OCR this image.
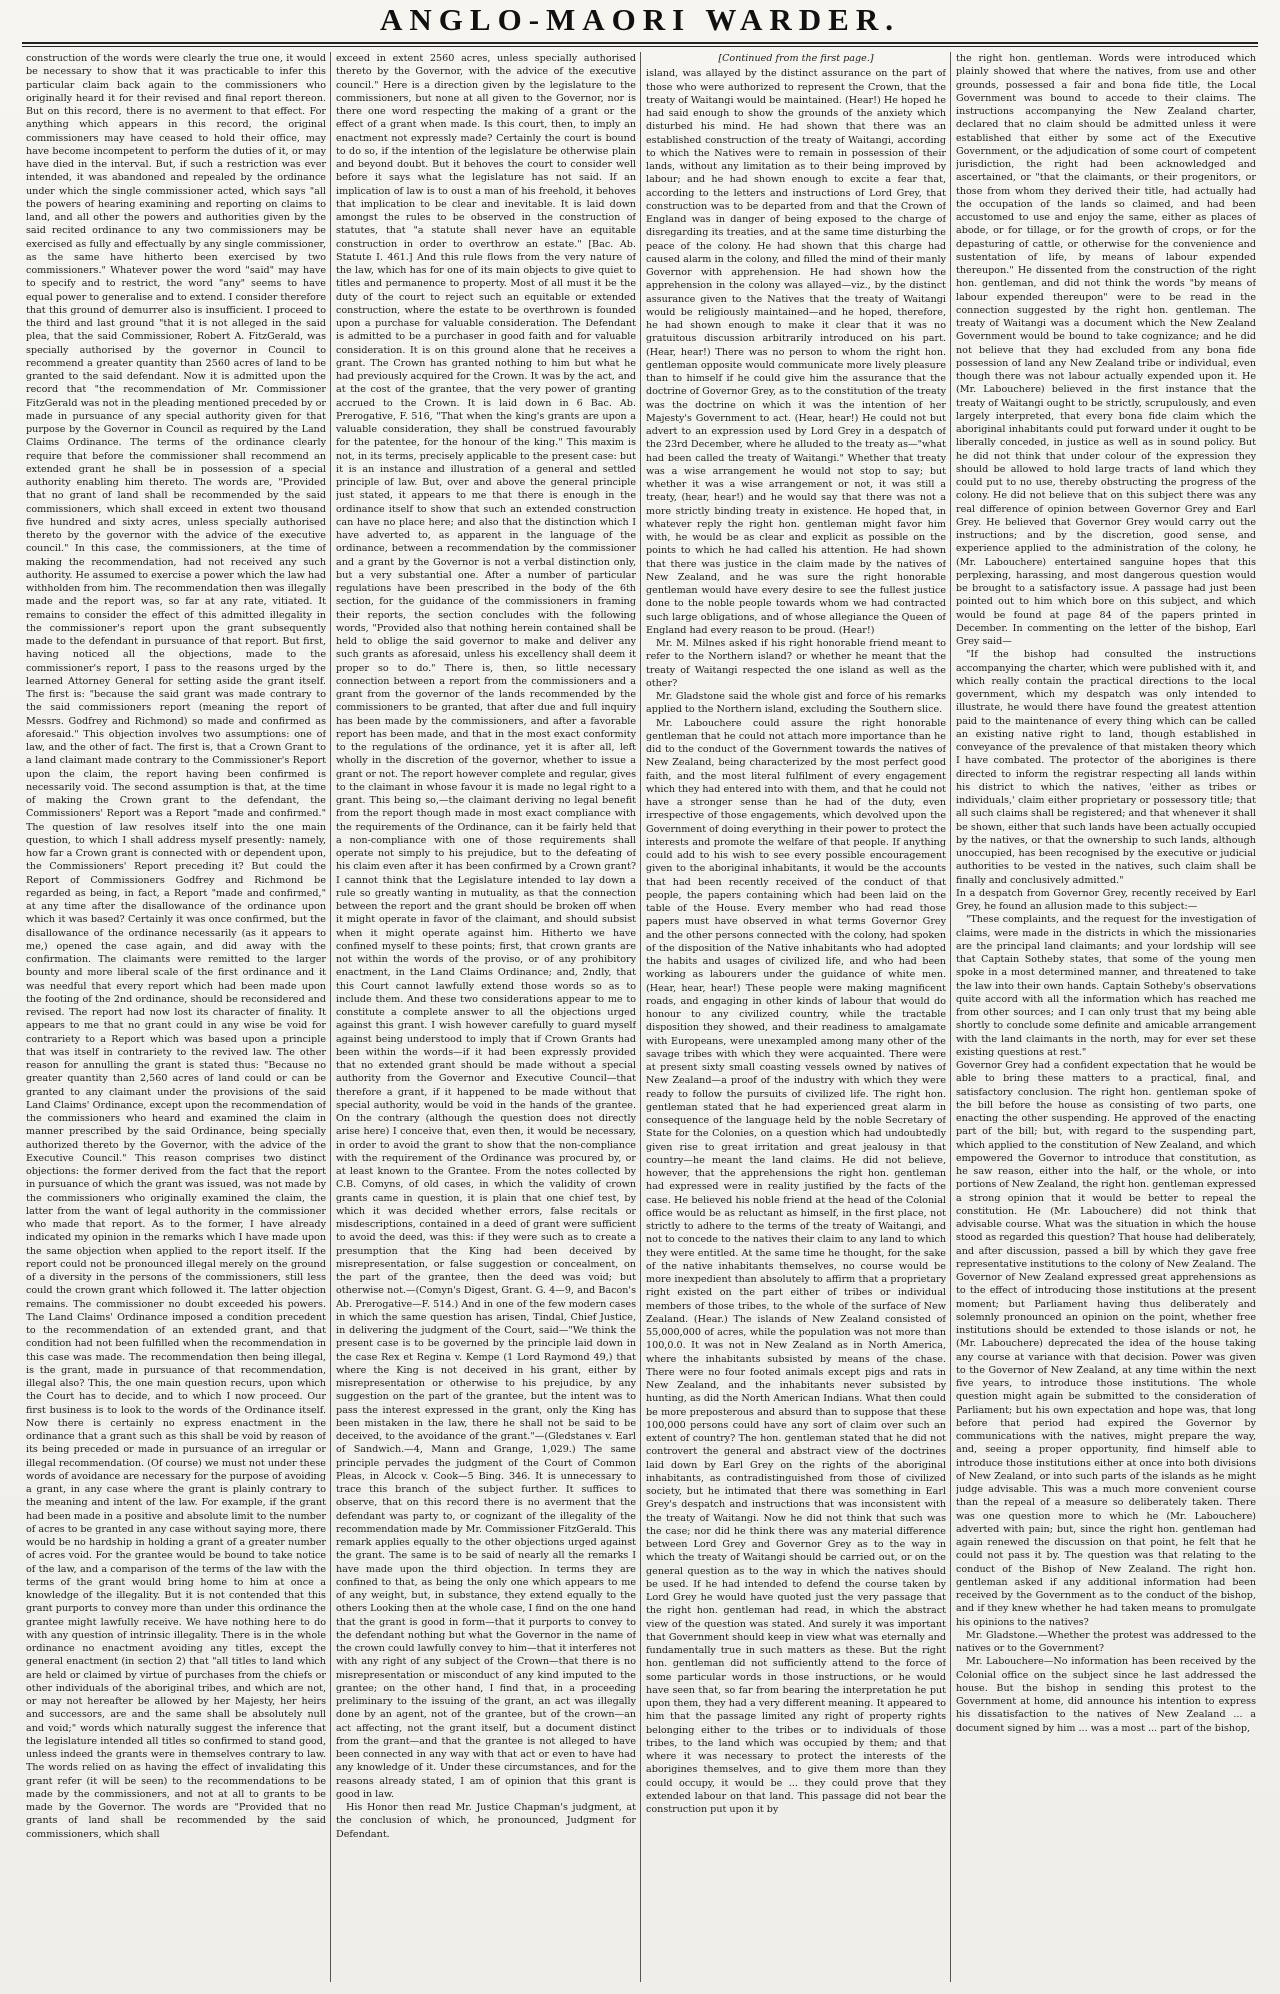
ANGLO-MAORI WARDER.

construction of the words were clearly the true one, it would be necessary to show that it was practicable to infer this particular claim back again to the commissioners who originally heard it for their revised and final report thereon. But on this record, there is no averment to that effect. For anything which appears in this record, the original commissioners may have ceased to hold their office, may have become incompetent to perform the duties of it, or may have died in the interval. But, if such a restriction was ever intended, it was abandoned and repealed by the ordinance under which the single commissioner acted, which says "all the powers of hearing examining and reporting on claims to land, and all other the powers and authorities given by the said recited ordinance to any two commissioners may be exercised as fully and effectually by any single commissioner, as the same have hitherto been exercised by two commissioners." Whatever power the word "said" may have to specify and to restrict, the word "any" seems to have equal power to generalise and to extend. I consider therefore that this ground of demurrer also is insufficient. I proceed to the third and last ground "that it is not alleged in the said plea, that the said Commissioner, Robert A. FitzGerald, was specially authorised by the governor in Council to recommend a greater quantity than 2560 acres of land to be granted to the said defendant. Now it is admitted upon the record that "the recommendation of Mr. Commissioner FitzGerald was not in the pleading mentioned preceded by or made in pursuance of any special authority given for that purpose by the Governor in Council as required by the Land Claims Ordinance. The terms of the ordinance clearly require that before the commissioner shall recommend an extended grant he shall be in possession of a special authority enabling him thereto. The words are, "Provided that no grant of land shall be recommended by the said commissioners, which shall exceed in extent two thousand five hundred and sixty acres, unless specially authorised thereto by the governor with the advice of the executive council." In this case, the commissioners, at the time of making the recommendation, had not received any such authority. He assumed to exercise a power which the law had withholden from him. The recommendation then was illegally made and the report was, so far at any rate, vitiated. It remains to consider the effect of this admitted illegality in the commissioner's report upon the grant subsequently made to the defendant in pursuance of that report. But first, having noticed all the objections, made to the commissioner's report, I pass to the reasons urged by the learned Attorney General for setting aside the grant itself. The first is: "because the said grant was made contrary to the said commissioners report (meaning the report of Messrs. Godfrey and Richmond) so made and confirmed as aforesaid." This objection involves two assumptions: one of law, and the other of fact. The first is, that a Crown Grant to a land claimant made contrary to the Commissioner's Report upon the claim, the report having been confirmed is necessarily void. The second assumption is that, at the time of making the Crown grant to the defendant, the Commissioners' Report was a Report "made and confirmed." The question of law resolves itself into the one main question, to which I shall address myself presently: namely, how far a Crown grant is connected with or dependent upon, the Commissioners' Report preceding it? But could the Report of Commissioners Godfrey and Richmond be regarded as being, in fact, a Report "made and confirmed," at any time after the disallowance of the ordinance upon which it was based? Certainly it was once confirmed, but the disallowance of the ordinance necessarily (as it appears to me,) opened the case again, and did away with the confirmation. The claimants were remitted to the larger bounty and more liberal scale of the first ordinance and it was needful that every report which had been made upon the footing of the 2nd ordinance, should be reconsidered and revised. The report had now lost its character of finality. It appears to me that no grant could in any wise be void for contrariety to a Report which was based upon a principle that was itself in contrariety to the revived law. The other reason for annulling the grant is stated thus: "Because no greater quantity than 2,560 acres of land could or can be granted to any claimant under the provisions of the said Land Claims' Ordinance, except upon the recommendation of the commissioners who heard and examined the claim in manner prescribed by the said Ordinance, being specially authorized thereto by the Governor, with the advice of the Executive Council." This reason comprises two distinct objections: the former derived from the fact that the report in pursuance of which the grant was issued, was not made by the commissioners who originally examined the claim, the latter from the want of legal authority in the commissioner who made that report. As to the former, I have already indicated my opinion in the remarks which I have made upon the same objection when applied to the report itself. If the report could not be pronounced illegal merely on the ground of a diversity in the persons of the commissioners, still less could the crown grant which followed it. The latter objection remains. The commissioner no doubt exceeded his powers. The Land Claims' Ordinance imposed a condition precedent to the recommendation of an extended grant, and that condition had not been fulfilled when the recommendation in this case was made. The recommendation then being illegal, is the grant, made in pursuance of that recommendation, illegal also? This, the one main question recurs, upon which the Court has to decide, and to which I now proceed. Our first business is to look to the words of the Ordinance itself. Now there is certainly no express enactment in the ordinance that a grant such as this shall be void by reason of its being preceded or made in pursuance of an irregular or illegal recommendation. (Of course) we must not under these words of avoidance are necessary for the purpose of avoiding a grant, in any case where the grant is plainly contrary to the meaning and intent of the law. For example, if the grant had been made in a positive and absolute limit to the number of acres to be granted in any case without saying more, there would be no hardship in holding a grant of a greater number of acres void. For the grantee would be bound to take notice of the law, and a comparison of the terms of the law with the terms of the grant would bring home to him at once a knowledge of the illegality. But it is not contended that this grant purports to convey more than under this ordinance the grantee might lawfully receive. We have nothing here to do with any question of intrinsic illegality. There is in the whole ordinance no enactment avoiding any titles, except the general enactment (in section 2) that "all titles to land which are held or claimed by virtue of purchases from the chiefs or other individuals of the aboriginal tribes, and which are not, or may not hereafter be allowed by her Majesty, her heirs and successors, are and the same shall be absolutely null and void;" words which naturally suggest the inference that the legislature intended all titles so confirmed to stand good, unless indeed the grants were in themselves contrary to law. The words relied on as having the effect of invalidating this grant refer (it will be seen) to the recommendations to be made by the commissioners, and not at all to grants to be made by the Governor. The words are "Provided that no grants of land shall be recommended by the said commissioners, which shall

exceed in extent 2560 acres, unless specially authorised thereto by the Governor, with the advice of the executive council." Here is a direction given by the legislature to the commissioners, but none at all given to the Governor, nor is there one word respecting the making of a grant or the effect of a grant when made. Is this court, then, to imply an enactment not expressly made? Certainly the court is bound to do so, if the intention of the legislature be otherwise plain and beyond doubt. But it behoves the court to consider well before it says what the legislature has not said. If an implication of law is to oust a man of his freehold, it behoves that implication to be clear and inevitable. It is laid down amongst the rules to be observed in the construction of statutes, that "a statute shall never have an equitable construction in order to overthrow an estate." [Bac. Ab. Statute I. 461.] And this rule flows from the very nature of the law, which has for one of its main objects to give quiet to titles and permanence to property. Most of all must it be the duty of the court to reject such an equitable or extended construction, where the estate to be overthrown is founded upon a purchase for valuable consideration. The Defendant is admitted to be a purchaser in good faith and for valuable consideration. It is on this ground alone that he receives a grant. The Crown has granted nothing to him but what he had previously acquired for the Crown. It was by the act, and at the cost of the grantee, that the very power of granting accrued to the Crown. It is laid down in 6 Bac. Ab. Prerogative, F. 516, "That when the king's grants are upon a valuable consideration, they shall be construed favourably for the patentee, for the honour of the king." This maxim is not, in its terms, precisely applicable to the present case: but it is an instance and illustration of a general and settled principle of law. But, over and above the general principle just stated, it appears to me that there is enough in the ordinance itself to show that such an extended construction can have no place here; and also that the distinction which I have adverted to, as apparent in the language of the ordinance, between a recommendation by the commissioner and a grant by the Governor is not a verbal distinction only, but a very substantial one. After a number of particular regulations have been prescribed in the body of the 6th section, for the guidance of the commissioners in framing their reports, the section concludes with the following words, "Provided also that nothing herein contained shall be held to oblige the said governor to make and deliver any such grants as aforesaid, unless his excellency shall deem it proper so to do." There is, then, so little necessary connection between a report from the commissioners and a grant from the governor of the lands recommended by the commissioners to be granted, that after due and full inquiry has been made by the commissioners, and after a favorable report has been made, and that in the most exact conformity to the regulations of the ordinance, yet it is after all, left wholly in the discretion of the governor, whether to issue a grant or not. The report however complete and regular, gives to the claimant in whose favour it is made no legal right to a grant. This being so,—the claimant deriving no legal benefit from the report though made in most exact compliance with the requirements of the Ordinance, can it be fairly held that a non-compliance with one of those requirements shall operate not simply to his prejudice, but to the defeating of his claim even after it has been confirmed by a Crown grant? I cannot think that the Legislature intended to lay down a rule so greatly wanting in mutuality, as that the connection between the report and the grant should be broken off when it might operate in favor of the claimant, and should subsist when it might operate against him. Hitherto we have confined myself to these points; first, that crown grants are not within the words of the proviso, or of any prohibitory enactment, in the Land Claims Ordinance; and, 2ndly, that this Court cannot lawfully extend those words so as to include them. And these two considerations appear to me to constitute a complete answer to all the objections urged against this grant. I wish however carefully to guard myself against being understood to imply that if Crown Grants had been within the words—if it had been expressly provided that no extended grant should be made without a special authority from the Governor and Executive Council—that therefore a grant, if it happened to be made without that special authority, would be void in the hands of the grantee. On the contrary (although the question does not directly arise here) I conceive that, even then, it would be necessary, in order to avoid the grant to show that the non-compliance with the requirement of the Ordinance was procured by, or at least known to the Grantee. From the notes collected by C.B. Comyns, of old cases, in which the validity of crown grants came in question, it is plain that one chief test, by which it was decided whether errors, false recitals or misdescriptions, contained in a deed of grant were sufficient to avoid the deed, was this: if they were such as to create a presumption that the King had been deceived by misrepresentation, or false suggestion or concealment, on the part of the grantee, then the deed was void; but otherwise not.—(Comyn's Digest, Grant. G. 4—9, and Bacon's Ab. Prerogative—F. 514.) And in one of the few modern cases in which the same question has arisen, Tindal, Chief Justice, in delivering the judgment of the Court, said—"We think the present case is to be governed by the principle laid down in the case Rex et Regina v. Kempe (1 Lord Raymond 49,) that where the King is not deceived in his grant, either by misrepresentation or otherwise to his prejudice, by any suggestion on the part of the grantee, but the intent was to pass the interest expressed in the grant, only the King has been mistaken in the law, there he shall not be said to be deceived, to the avoidance of the grant."—(Gledstanes v. Earl of Sandwich.—4, Mann and Grange, 1,029.) The same principle pervades the judgment of the Court of Common Pleas, in Alcock v. Cook—5 Bing. 346. It is unnecessary to trace this branch of the subject further. It suffices to observe, that on this record there is no averment that the defendant was party to, or cognizant of the illegality of the recommendation made by Mr. Commissioner FitzGerald. This remark applies equally to the other objections urged against the grant. The same is to be said of nearly all the remarks I have made upon the third objection. In terms they are confined to that, as being the only one which appears to me of any weight, but, in substance, they extend equally to the others Looking then at the whole case, I find on the one hand that the grant is good in form—that it purports to convey to the defendant nothing but what the Governor in the name of the crown could lawfully convey to him—that it interferes not with any right of any subject of the Crown—that there is no misrepresentation or misconduct of any kind imputed to the grantee; on the other hand, I find that, in a proceeding preliminary to the issuing of the grant, an act was illegally done by an agent, not of the grantee, but of the crown—an act affecting, not the grant itself, but a document distinct from the grant—and that the grantee is not alleged to have been connected in any way with that act or even to have had any knowledge of it. Under these circumstances, and for the reasons already stated, I am of opinion that this grant is good in law.

His Honor then read Mr. Justice Chapman's judgment, at the conclusion of which, he pronounced, Judgment for Defendant.

[Continued from the first page.]

island, was allayed by the distinct assurance on the part of those who were authorized to represent the Crown, that the treaty of Waitangi would be maintained. (Hear!) He hoped he had said enough to show the grounds of the anxiety which disturbed his mind. He had shown that there was an established construction of the treaty of Waitangi, according to which the Natives were to remain in possession of their lands, without any limitation as to their being improved by labour; and he had shown enough to excite a fear that, according to the letters and instructions of Lord Grey, that construction was to be departed from and that the Crown of England was in danger of being exposed to the charge of disregarding its treaties, and at the same time disturbing the peace of the colony. He had shown that this charge had caused alarm in the colony, and filled the mind of their manly Governor with apprehension. He had shown how the apprehension in the colony was allayed—viz., by the distinct assurance given to the Natives that the treaty of Waitangi would be religiously maintained—and he hoped, therefore, he had shown enough to make it clear that it was no gratuitous discussion arbitrarily introduced on his part. (Hear, hear!) There was no person to whom the right hon. gentleman opposite would communicate more lively pleasure than to himself if he could give him the assurance that the doctrine of Governor Grey, as to the constitution of the treaty was the doctrine on which it was the intention of her Majesty's Government to act. (Hear, hear!) He could not but advert to an expression used by Lord Grey in a despatch of the 23rd December, where he alluded to the treaty as—"what had been called the treaty of Waitangi." Whether that treaty was a wise arrangement he would not stop to say; but whether it was a wise arrangement or not, it was still a treaty, (hear, hear!) and he would say that there was not a more strictly binding treaty in existence. He hoped that, in whatever reply the right hon. gentleman might favor him with, he would be as clear and explicit as possible on the points to which he had called his attention. He had shown that there was justice in the claim made by the natives of New Zealand, and he was sure the right honorable gentleman would have every desire to see the fullest justice done to the noble people towards whom we had contracted such large obligations, and of whose allegiance the Queen of England had every reason to be proud. (Hear!)

Mr. M. Milnes asked if his right honorable friend meant to refer to the Northern island? or whether he meant that the treaty of Waitangi respected the one island as well as the other?

Mr. Gladstone said the whole gist and force of his remarks applied to the Northern island, excluding the Southern slice.

Mr. Labouchere could assure the right honorable gentleman that he could not attach more importance than he did to the conduct of the Government towards the natives of New Zealand, being characterized by the most perfect good faith, and the most literal fulfilment of every engagement which they had entered into with them, and that he could not have a stronger sense than he had of the duty, even irrespective of those engagements, which devolved upon the Government of doing everything in their power to protect the interests and promote the welfare of that people. If anything could add to his wish to see every possible encouragement given to the aboriginal inhabitants, it would be the accounts that had been recently received of the conduct of that people, the papers containing which had been laid on the table of the House. Every member who had read those papers must have observed in what terms Governor Grey and the other persons connected with the colony, had spoken of the disposition of the Native inhabitants who had adopted the habits and usages of civilized life, and who had been working as labourers under the guidance of white men. (Hear, hear, hear!) These people were making magnificent roads, and engaging in other kinds of labour that would do honour to any civilized country, while the tractable disposition they showed, and their readiness to amalgamate with Europeans, were unexampled among many other of the savage tribes with which they were acquainted. There were at present sixty small coasting vessels owned by natives of New Zealand—a proof of the industry with which they were ready to follow the pursuits of civilized life. The right hon. gentleman stated that he had experienced great alarm in consequence of the language held by the noble Secretary of State for the Colonies, on a question which had undoubtedly given rise to great irritation and great jealousy in that country—he meant the land claims. He did not believe, however, that the apprehensions the right hon. gentleman had expressed were in reality justified by the facts of the case. He believed his noble friend at the head of the Colonial office would be as reluctant as himself, in the first place, not strictly to adhere to the terms of the treaty of Waitangi, and not to concede to the natives their claim to any land to which they were entitled. At the same time he thought, for the sake of the native inhabitants themselves, no course would be more inexpedient than absolutely to affirm that a proprietary right existed on the part either of tribes or individual members of those tribes, to the whole of the surface of New Zealand. (Hear.) The islands of New Zealand consisted of 55,000,000 of acres, while the population was not more than 100,0.0. It was not in New Zealand as in North America, where the inhabitants subsisted by means of the chase. There were no four footed animals except pigs and rats in New Zealand, and the inhabitants never subsisted by hunting, as did the North American Indians. What then could be more preposterous and absurd than to suppose that these 100,000 persons could have any sort of claim over such an extent of country? The hon. gentleman stated that he did not controvert the general and abstract view of the doctrines laid down by Earl Grey on the rights of the aboriginal inhabitants, as contradistinguished from those of civilized society, but he intimated that there was something in Earl Grey's despatch and instructions that was inconsistent with the treaty of Waitangi. Now he did not think that such was the case; nor did he think there was any material difference between Lord Grey and Governor Grey as to the way in which the treaty of Waitangi should be carried out, or on the general question as to the way in which the natives should be used. If he had intended to defend the course taken by Lord Grey he would have quoted just the very passage that the right hon. gentleman had read, in which the abstract view of the question was stated. And surely it was important that Government should keep in view what was eternally and fundamentally true in such matters as these. But the right hon. gentleman did not sufficiently attend to the force of some particular words in those instructions, or he would have seen that, so far from bearing the interpretation he put upon them, they had a very different meaning. It appeared to him that the passage limited any right of property rights belonging either to the tribes or to individuals of those tribes, to the land which was occupied by them; and that where it was necessary to protect the interests of the aborigines themselves, and to give them more than they could occupy, it would be ... they could prove that they extended labour on that land. This passage did not bear the construction put upon it by

the right hon. gentleman. Words were introduced which plainly showed that where the natives, from use and other grounds, possessed a fair and bona fide title, the Local Government was bound to accede to their claims. The instructions accompanying the New Zealand charter, declared that no claim should be admitted unless it were established that either by some act of the Executive Government, or the adjudication of some court of competent jurisdiction, the right had been acknowledged and ascertained, or "that the claimants, or their progenitors, or those from whom they derived their title, had actually had the occupation of the lands so claimed, and had been accustomed to use and enjoy the same, either as places of abode, or for tillage, or for the growth of crops, or for the depasturing of cattle, or otherwise for the convenience and sustentation of life, by means of labour expended thereupon." He dissented from the construction of the right hon. gentleman, and did not think the words "by means of labour expended thereupon" were to be read in the connection suggested by the right hon. gentleman. The treaty of Waitangi was a document which the New Zealand Government would be bound to take cognizance; and he did not believe that they had excluded from any bona fide possession of land any New Zealand tribe or individual, even though there was not labour actually expended upon it. He (Mr. Labouchere) believed in the first instance that the treaty of Waitangi ought to be strictly, scrupulously, and even largely interpreted, that every bona fide claim which the aboriginal inhabitants could put forward under it ought to be liberally conceded, in justice as well as in sound policy. But he did not think that under colour of the expression they should be allowed to hold large tracts of land which they could put to no use, thereby obstructing the progress of the colony. He did not believe that on this subject there was any real difference of opinion between Governor Grey and Earl Grey. He believed that Governor Grey would carry out the instructions; and by the discretion, good sense, and experience applied to the administration of the colony, he (Mr. Labouchere) entertained sanguine hopes that this perplexing, harassing, and most dangerous question would be brought to a satisfactory issue. A passage had just been pointed out to him which bore on this subject, and which would be found at page 84 of the papers printed in December. In commenting on the letter of the bishop, Earl Grey said—

"If the bishop had consulted the instructions accompanying the charter, which were published with it, and which really contain the practical directions to the local government, which my despatch was only intended to illustrate, he would there have found the greatest attention paid to the maintenance of every thing which can be called an existing native right to land, though established in conveyance of the prevalence of that mistaken theory which I have combated. The protector of the aborigines is there directed to inform the registrar respecting all lands within his district to which the natives, 'either as tribes or individuals,' claim either proprietary or possessory title; that all such claims shall be registered; and that whenever it shall be shown, either that such lands have been actually occupied by the natives, or that the ownership to such lands, although unoccupied, has been recognised by the executive or judicial authorities to be vested in the natives, such claim shall be finally and conclusively admitted."

In a despatch from Governor Grey, recently received by Earl Grey, he found an allusion made to this subject:—

"These complaints, and the request for the investigation of claims, were made in the districts in which the missionaries are the principal land claimants; and your lordship will see that Captain Sotheby states, that some of the young men spoke in a most determined manner, and threatened to take the law into their own hands. Captain Sotheby's observations quite accord with all the information which has reached me from other sources; and I can only trust that my being able shortly to conclude some definite and amicable arrangement with the land claimants in the north, may for ever set these existing questions at rest."

Governor Grey had a confident expectation that he would be able to bring these matters to a practical, final, and satisfactory conclusion. The right hon. gentleman spoke of the bill before the house as consisting of two parts, one enacting the other suspending. He approved of the enacting part of the bill; but, with regard to the suspending part, which applied to the constitution of New Zealand, and which empowered the Governor to introduce that constitution, as he saw reason, either into the half, or the whole, or into portions of New Zealand, the right hon. gentleman expressed a strong opinion that it would be better to repeal the constitution. He (Mr. Labouchere) did not think that advisable course. What was the situation in which the house stood as regarded this question? That house had deliberately, and after discussion, passed a bill by which they gave free representative institutions to the colony of New Zealand. The Governor of New Zealand expressed great apprehensions as to the effect of introducing those institutions at the present moment; but Parliament having thus deliberately and solemnly pronounced an opinion on the point, whether free institutions should be extended to those islands or not, he (Mr. Labouchere) deprecated the idea of the house taking any course at variance with that decision. Power was given to the Governor of New Zealand, at any time within the next five years, to introduce those institutions. The whole question might again be submitted to the consideration of Parliament; but his own expectation and hope was, that long before that period had expired the Governor by communications with the natives, might prepare the way, and, seeing a proper opportunity, find himself able to introduce those institutions either at once into both divisions of New Zealand, or into such parts of the islands as he might judge advisable. This was a much more convenient course than the repeal of a measure so deliberately taken. There was one question more to which he (Mr. Labouchere) adverted with pain; but, since the right hon. gentleman had again renewed the discussion on that point, he felt that he could not pass it by. The question was that relating to the conduct of the Bishop of New Zealand. The right hon. gentleman asked if any additional information had been received by the Government as to the conduct of the bishop, and if they knew whether he had taken means to promulgate his opinions to the natives?

Mr. Gladstone.—Whether the protest was addressed to the natives or to the Government?

Mr. Labouchere—No information has been received by the Colonial office on the subject since he last addressed the house. But the bishop in sending this protest to the Government at home, did announce his intention to express his dissatisfaction to the natives of New Zealand ... a document signed by him ... was a most ... part of the bishop,
